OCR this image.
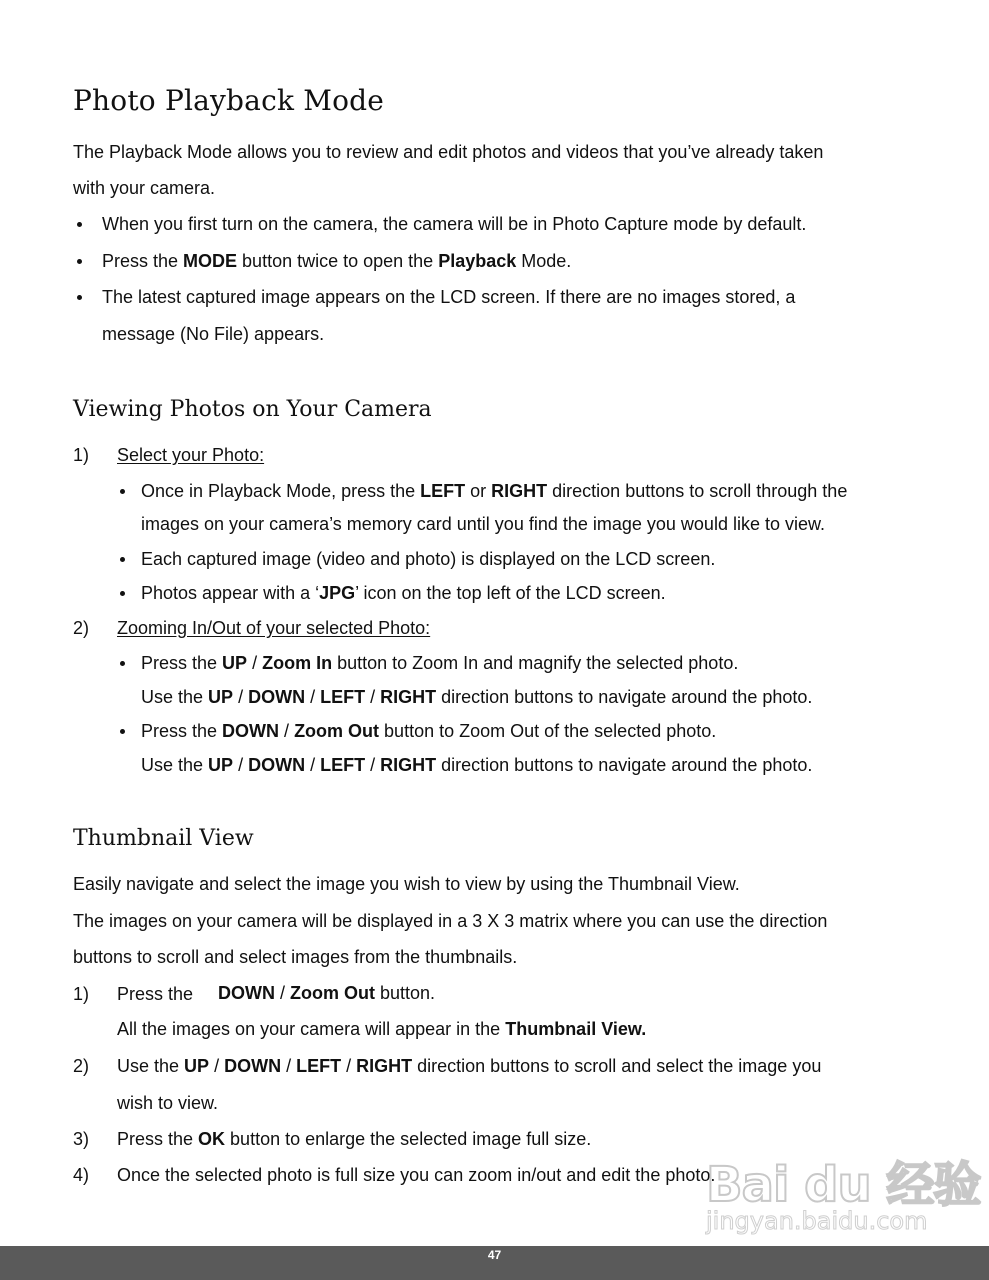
Photo Playback Mode
The Playback Mode allows you to review and edit photos and videos that you’ve already taken
with your camera.
When you first turn on the camera, the camera will be in Photo Capture mode by default.
Press the MODE button twice to open the Playback Mode.
The latest captured image appears on the LCD screen. If there are no images stored, a
message (No File) appears.
Viewing Photos on Your Camera
1) Select your Photo:
Once in Playback Mode, press the LEFT or RIGHT direction buttons to scroll through the
images on your camera’s memory card until you find the image you would like to view.
Each captured image (video and photo) is displayed on the LCD screen.
Photos appear with a ‘JPG’ icon on the top left of the LCD screen.
2) Zooming In/Out of your selected Photo:
Press the UP / Zoom In button to Zoom In and magnify the selected photo.
Use the UP / DOWN / LEFT / RIGHT direction buttons to navigate around the photo.
Press the DOWN / Zoom Out button to Zoom Out of the selected photo.
Use the UP / DOWN / LEFT / RIGHT direction buttons to navigate around the photo.
Thumbnail View
Easily navigate and select the image you wish to view by using the Thumbnail View.
The images on your camera will be displayed in a 3 X 3 matrix where you can use the direction
buttons to scroll and select images from the thumbnails.
1) Press the DOWN / Zoom Out button.
All the images on your camera will appear in the Thumbnail View.
2) Use the UP / DOWN / LEFT / RIGHT direction buttons to scroll and select the image you
wish to view.
3) Press the OK button to enlarge the selected image full size.
4) Once the selected photo is full size you can zoom in/out and edit the photo.
Bai du 经验
jingyan.baidu.com
47
